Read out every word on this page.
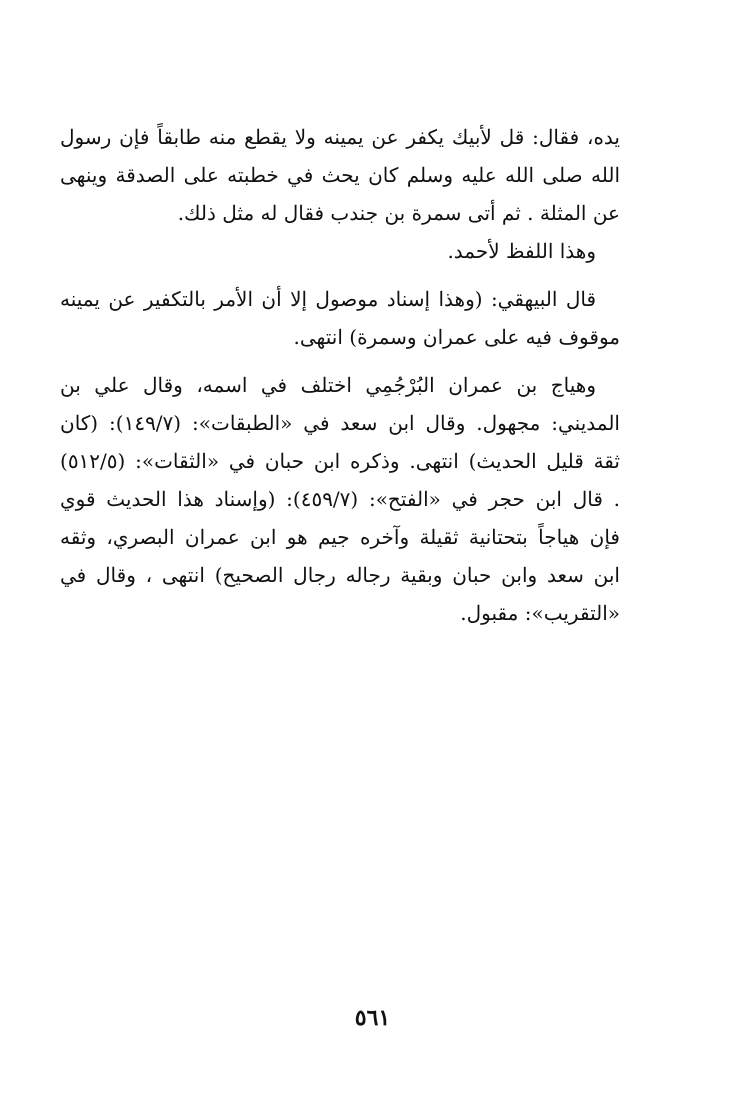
يده، فقال: قل لأبيك يكفر عن يمينه ولا يقطع منه طابقاً فإن رسول
الله صلى الله عليه وسلم كان يحث في خطبته على الصدقة وينهى
عن المثلة . ثم أتى سمرة بن جندب فقال له مثل ذلك.
وهذا اللفظ لأحمد.
قال البيهقي: (وهذا إسناد موصول إلا أن الأمر بالتكفير عن يمينه
موقوف فيه على عمران وسمرة) انتهى.
وهياج بن عمران البُرْجُمِي اختلف في اسمه، وقال علي بن
المديني: مجهول. وقال ابن سعد في «الطبقات»: (١٤٩/٧): (كان
ثقة قليل الحديث) انتهى. وذكره ابن حبان في «الثقات»: (٥١٢/٥)
. قال ابن حجر في «الفتح»: (٤٥٩/٧): (وإسناد هذا الحديث قوي
فإن هياجاً بتحتانية ثقيلة وآخره جيم هو ابن عمران البصري، وثقه
ابن سعد وابن حبان وبقية رجاله رجال الصحيح) انتهى ، وقال في
«التقريب»: مقبول.
٥٦١
